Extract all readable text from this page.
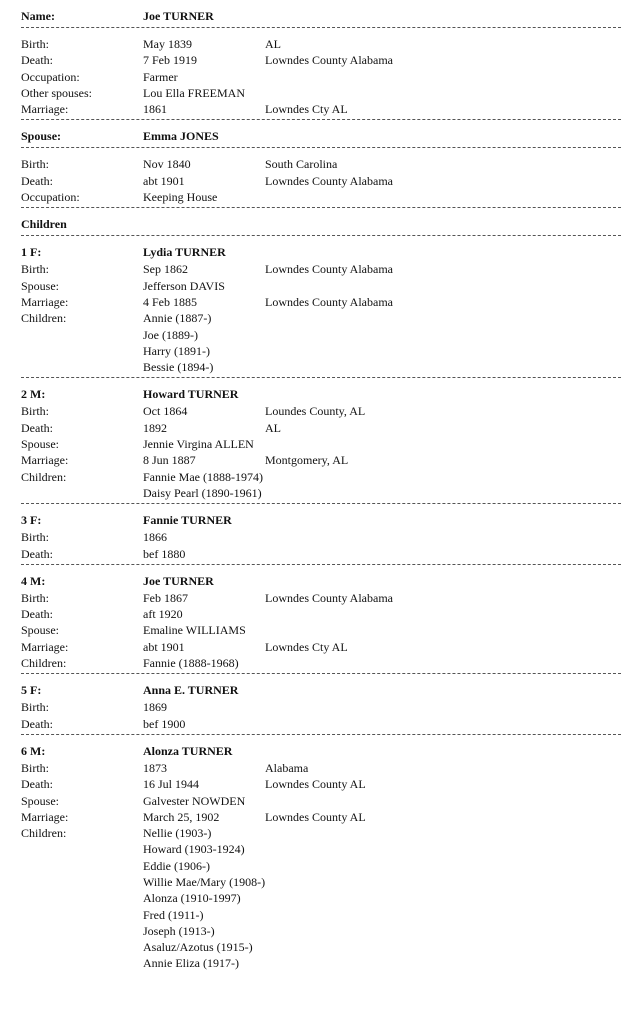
Name:	Joe TURNER
Birth:	May 1839	AL
Death:	7 Feb 1919	Lowndes County Alabama
Occupation:	Farmer
Other spouses:	Lou Ella FREEMAN
Marriage:	1861	Lowndes Cty AL
Spouse:	Emma JONES
Birth:	Nov 1840	South Carolina
Death:	abt 1901	Lowndes County Alabama
Occupation:	Keeping House
Children
1 F:	Lydia TURNER
Birth:	Sep 1862	Lowndes County Alabama
Spouse:	Jefferson DAVIS
Marriage:	4 Feb 1885	Lowndes County Alabama
Children:	Annie (1887-)
Joe (1889-)
Harry (1891-)
Bessie (1894-)
2 M:	Howard TURNER
Birth:	Oct 1864	Loundes County, AL
Death:	1892	AL
Spouse:	Jennie Virgina ALLEN
Marriage:	8 Jun 1887	Montgomery, AL
Children:	Fannie Mae (1888-1974)
Daisy Pearl (1890-1961)
3 F:	Fannie TURNER
Birth:	1866
Death:	bef 1880
4 M:	Joe TURNER
Birth:	Feb 1867	Lowndes County Alabama
Death:	aft 1920
Spouse:	Emaline WILLIAMS
Marriage:	abt 1901	Lowndes Cty AL
Children:	Fannie (1888-1968)
5 F:	Anna E. TURNER
Birth:	1869
Death:	bef 1900
6 M:	Alonza TURNER
Birth:	1873	Alabama
Death:	16 Jul 1944	Lowndes County AL
Spouse:	Galvester NOWDEN
Marriage:	March 25, 1902	Lowndes County AL
Children:	Nellie (1903-)
Howard (1903-1924)
Eddie (1906-)
Willie Mae/Mary (1908-)
Alonza (1910-1997)
Fred (1911-)
Joseph (1913-)
Asaluz/Azotus (1915-)
Annie Eliza (1917-)
